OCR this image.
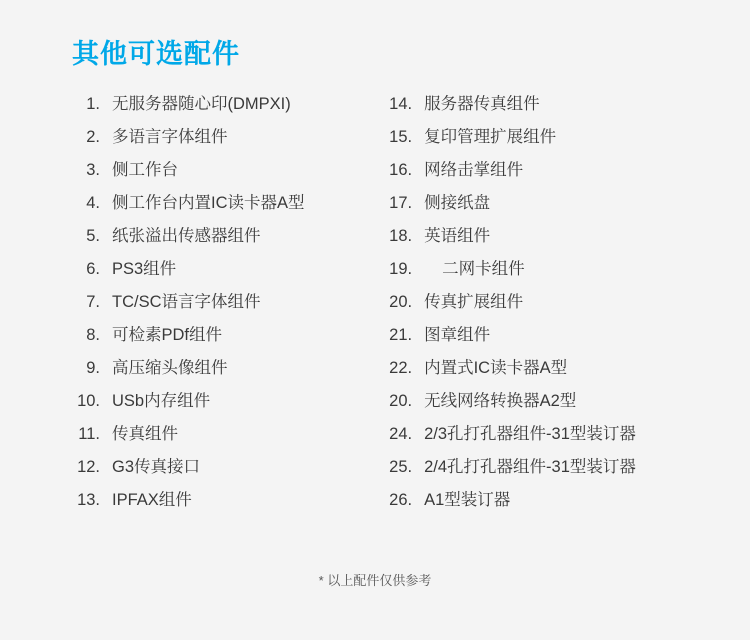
其他可选配件
1. 无服务器随心印(DMPXI)
2. 多语言字体组件
3. 侧工作台
4. 侧工作台内置IC读卡器A型
5. 纸张溢出传感器组件
6. PS3组件
7. TC/SC语言字体组件
8. 可检素PDf组件
9. 高压缩头像组件
10. USb内存组件
11. 传真组件
12. G3传真接口
13. IPFAX组件
14. 服务器传真组件
15. 复印管理扩展组件
16. 网络击掌组件
17. 侧接纸盘
18. 英语组件
19. 二网卡组件
20. 传真扩展组件
21. 图章组件
22. 内置式IC读卡器A型
20. 无线网络转换器A2型
24. 2/3孔打孔器组件-31型装订器
25. 2/4孔打孔器组件-31型装订器
26. A1型装订器
* 以上配件仅供参考
